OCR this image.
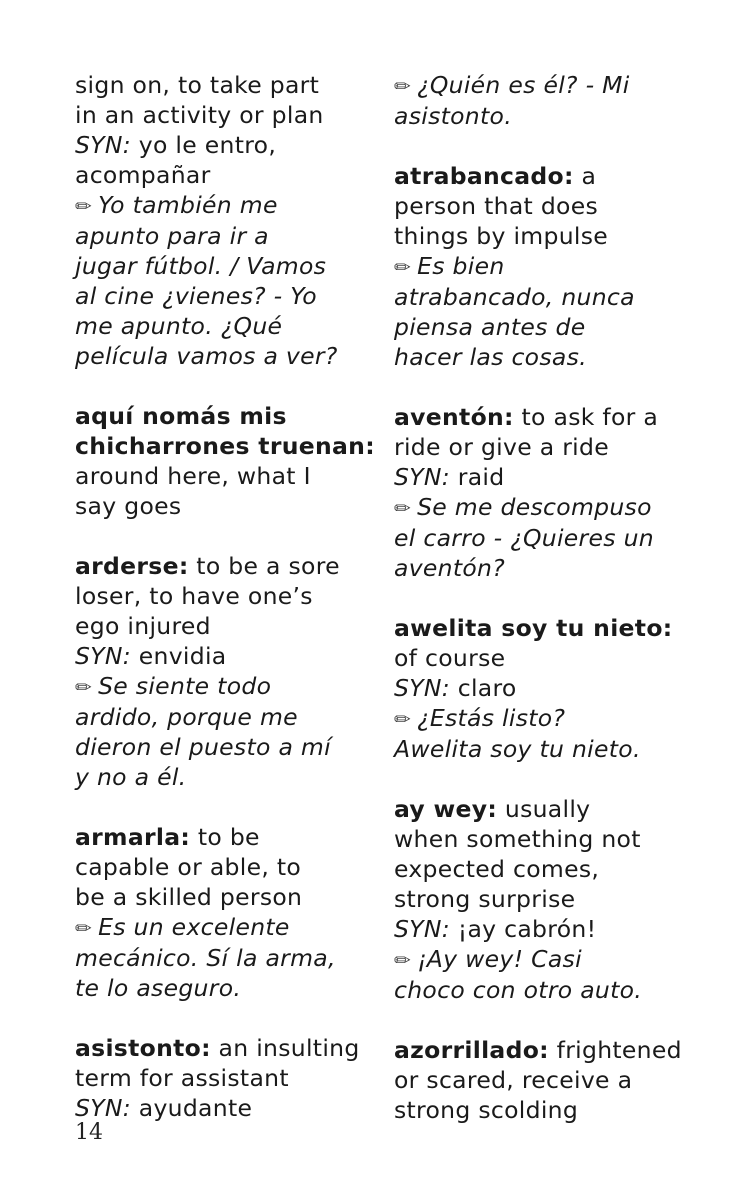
sign on, to take part
in an activity or plan
SYN: yo le entro,
acompañar
✏ Yo también me
apunto para ir a
jugar fútbol. / Vamos
al cine ¿vienes? - Yo
me apunto. ¿Qué
película vamos a ver?
aquí nomás mis
chicharrones truenan:
around here, what I
say goes
arderse: to be a sore
loser, to have one’s
ego injured
SYN: envidia
✏ Se siente todo
ardido, porque me
dieron el puesto a mí
y no a él.
armarla: to be
capable or able, to
be a skilled person
✏ Es un excelente
mecánico. Sí la arma,
te lo aseguro.
asistonto: an insulting
term for assistant
SYN: ayudante
✏ ¿Quién es él? - Mi
asistonto.
atrabancado: a
person that does
things by impulse
✏ Es bien
atrabancado, nunca
piensa antes de
hacer las cosas.
aventón: to ask for a
ride or give a ride
SYN: raid
✏ Se me descompuso
el carro - ¿Quieres un
aventón?
awelita soy tu nieto:
of course
SYN: claro
✏ ¿Estás listo?
Awelita soy tu nieto.
ay wey: usually
when something not
expected comes,
strong surprise
SYN: ¡ay cabrón!
✏ ¡Ay wey! Casi
choco con otro auto.
azorrillado: frightened
or scared, receive a
strong scolding
14
